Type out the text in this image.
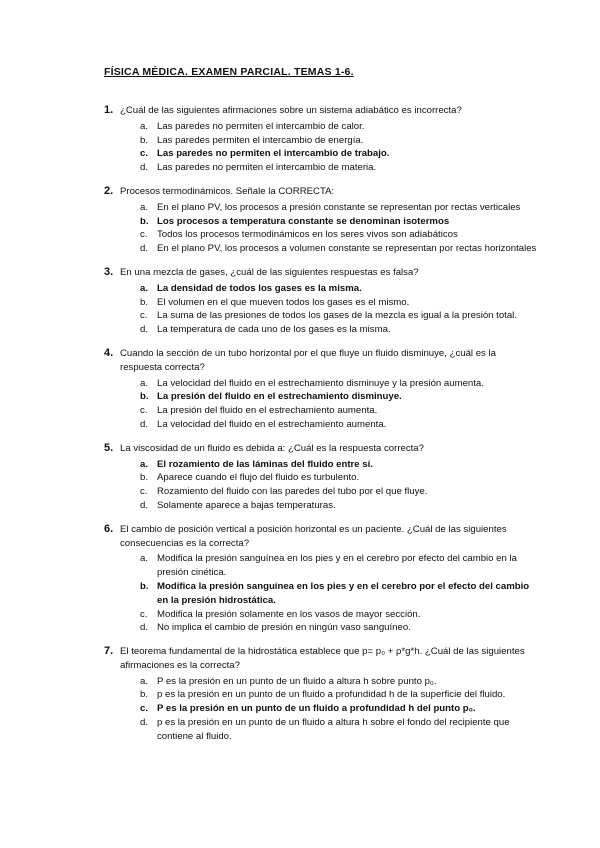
FÍSICA MÉDICA. EXAMEN PARCIAL. TEMAS 1-6.
1. ¿Cuál de las siguientes afirmaciones sobre un sistema adiabático es incorrecta?
a. Las paredes no permiten el intercambio de calor.
b. Las paredes permiten el intercambio de energía.
c. Las paredes no permiten el intercambio de trabajo.
d. Las paredes no permiten el intercambio de materia.
2. Procesos termodinámicos. Señale la CORRECTA:
a. En el plano PV, los procesos a presión constante se representan por rectas verticales
b. Los procesos a temperatura constante se denominan isotermos
c. Todos los procesos termodinámicos en los seres vivos son adiabáticos
d. En el plano PV, los procesos a volumen constante se representan por rectas horizontales
3. En una mezcla de gases, ¿cuál de las siguientes respuestas es falsa?
a. La densidad de todos los gases es la misma.
b. El volumen en el que mueven todos los gases es el mismo.
c. La suma de las presiones de todos los gases de la mezcla es igual a la presión total.
d. La temperatura de cada uno de los gases es la misma.
4. Cuando la sección de un tubo horizontal por el que fluye un fluido disminuye, ¿cuál es la respuesta correcta?
a. La velocidad del fluido en el estrechamiento disminuye y la presión aumenta.
b. La presión del fluido en el estrechamiento disminuye.
c. La presión del fluido en el estrechamiento aumenta.
d. La velocidad del fluido en el estrechamiento aumenta.
5. La viscosidad de un fluido es debida a: ¿Cuál es la respuesta correcta?
a. El rozamiento de las láminas del fluido entre sí.
b. Aparece cuando el flujo del fluido es turbulento.
c. Rozamiento del fluido con las paredes del tubo por el que fluye.
d. Solamente aparece a bajas temperaturas.
6. El cambio de posición vertical a posición horizontal es un paciente. ¿Cuál de las siguientes consecuencias es la correcta?
a. Modifica la presión sanguínea en los pies y en el cerebro por efecto del cambio en la presión cinética.
b. Modifica la presión sanguínea en los pies y en el cerebro por el efecto del cambio en la presión hidrostática.
c. Modifica la presión solamente en los vasos de mayor sección.
d. No implica el cambio de presión en ningún vaso sanguíneo.
7. El teorema fundamental de la hidrostática establece que p= p₀ + ρ*g*h. ¿Cuál de las siguientes afirmaciones es la correcta?
a. P es la presión en un punto de un fluido a altura h sobre punto p₀.
b. p es la presión en un punto de un fluido a profundidad h de la superficie del fluido.
c. P es la presión en un punto de un fluido a profundidad h del punto p₀.
d. p es la presión en un punto de un fluido a altura h sobre el fondo del recipiente que contiene al fluido.
